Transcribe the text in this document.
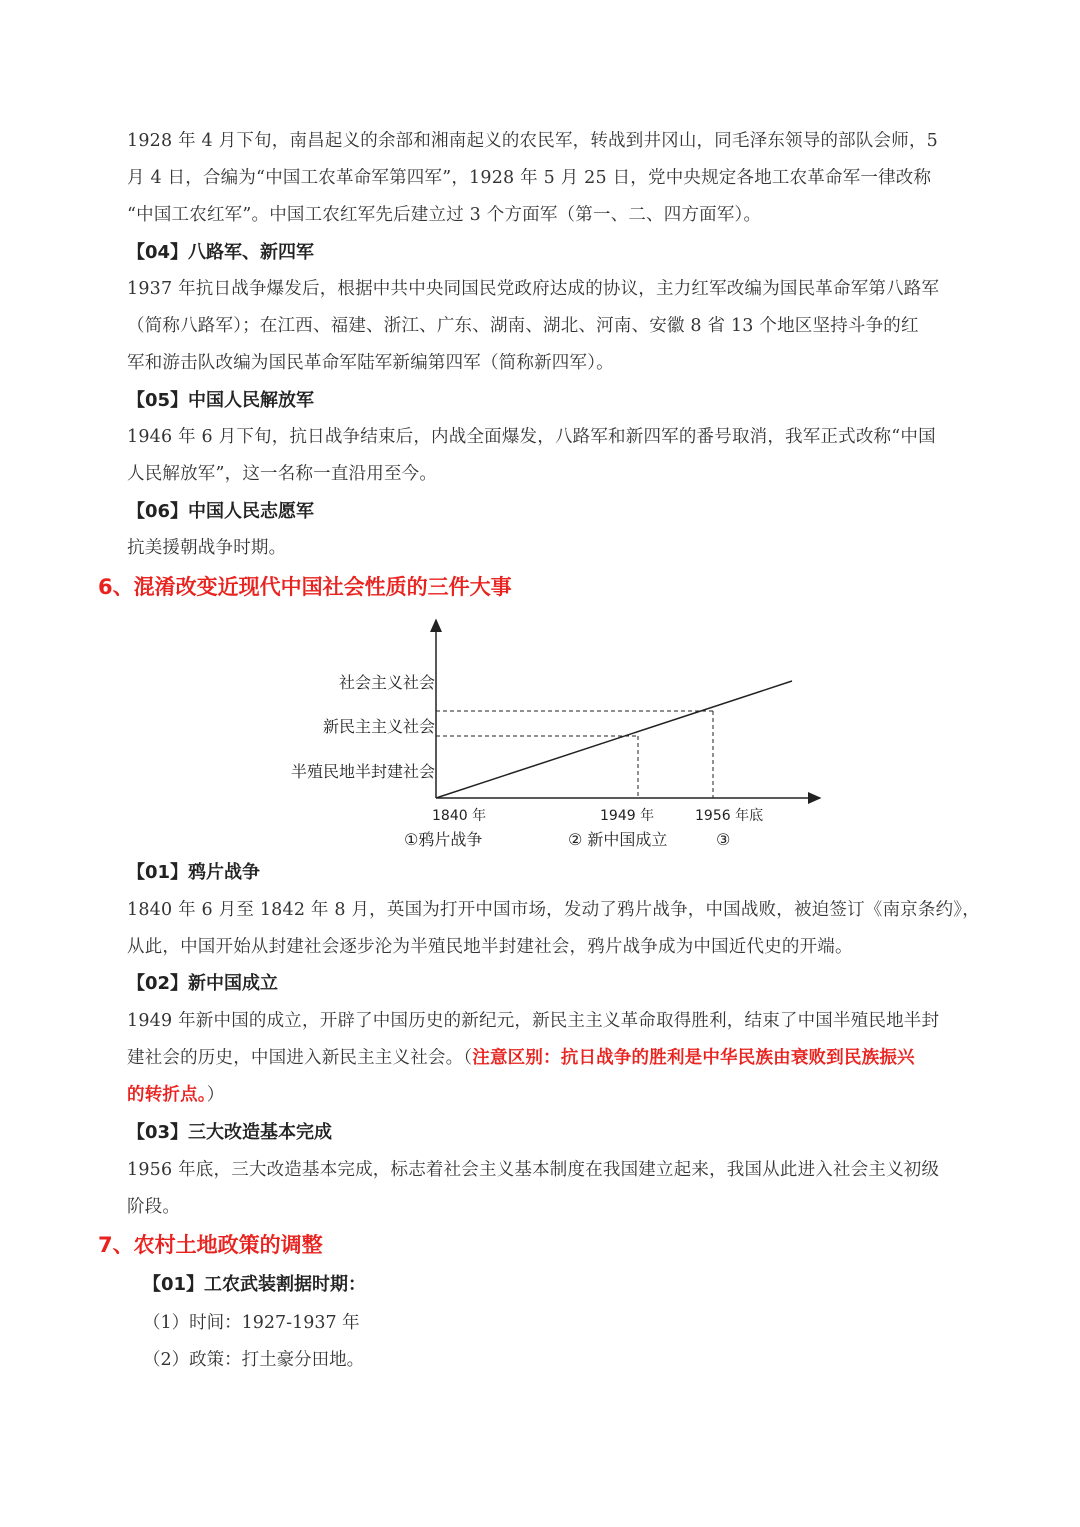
1928 年 4 月下旬，南昌起义的余部和湘南起义的农民军，转战到井冈山，同毛泽东领导的部队会师，5
月 4 日，合编为“中国工农革命军第四军”，1928 年 5 月 25 日，党中央规定各地工农革命军一律改称
“中国工农红军”。中国工农红军先后建立过 3 个方面军（第一、二、四方面军）。
【04】八路军、新四军
1937 年抗日战争爆发后，根据中共中央同国民党政府达成的协议，主力红军改编为国民革命军第八路军
（简称八路军）；在江西、福建、浙江、广东、湖南、湖北、河南、安徽 8 省 13 个地区坚持斗争的红
军和游击队改编为国民革命军陆军新编第四军（简称新四军）。
【05】中国人民解放军
1946 年 6 月下旬，抗日战争结束后，内战全面爆发，八路军和新四军的番号取消，我军正式改称“中国
人民解放军”，这一名称一直沿用至今。
【06】中国人民志愿军
抗美援朝战争时期。
6、混淆改变近现代中国社会性质的三件大事
社会主义社会
新民主主义社会
半殖民地半封建社会
1840 年	1949 年	1956 年底
①鸦片战争	② 新中国成立	③
【01】鸦片战争
1840 年 6 月至 1842 年 8 月，英国为打开中国市场，发动了鸦片战争，中国战败，被迫签订《南京条约》，
从此，中国开始从封建社会逐步沦为半殖民地半封建社会，鸦片战争成为中国近代史的开端。
【02】新中国成立
1949 年新中国的成立，开辟了中国历史的新纪元，新民主主义革命取得胜利，结束了中国半殖民地半封
建社会的历史，中国进入新民主主义社会。（注意区别：抗日战争的胜利是中华民族由衰败到民族振兴
的转折点。）
【03】三大改造基本完成
1956 年底，三大改造基本完成，标志着社会主义基本制度在我国建立起来，我国从此进入社会主义初级
阶段。
7、农村土地政策的调整
【01】工农武装割据时期：
（1）时间：1927-1937 年
（2）政策：打土豪分田地。
